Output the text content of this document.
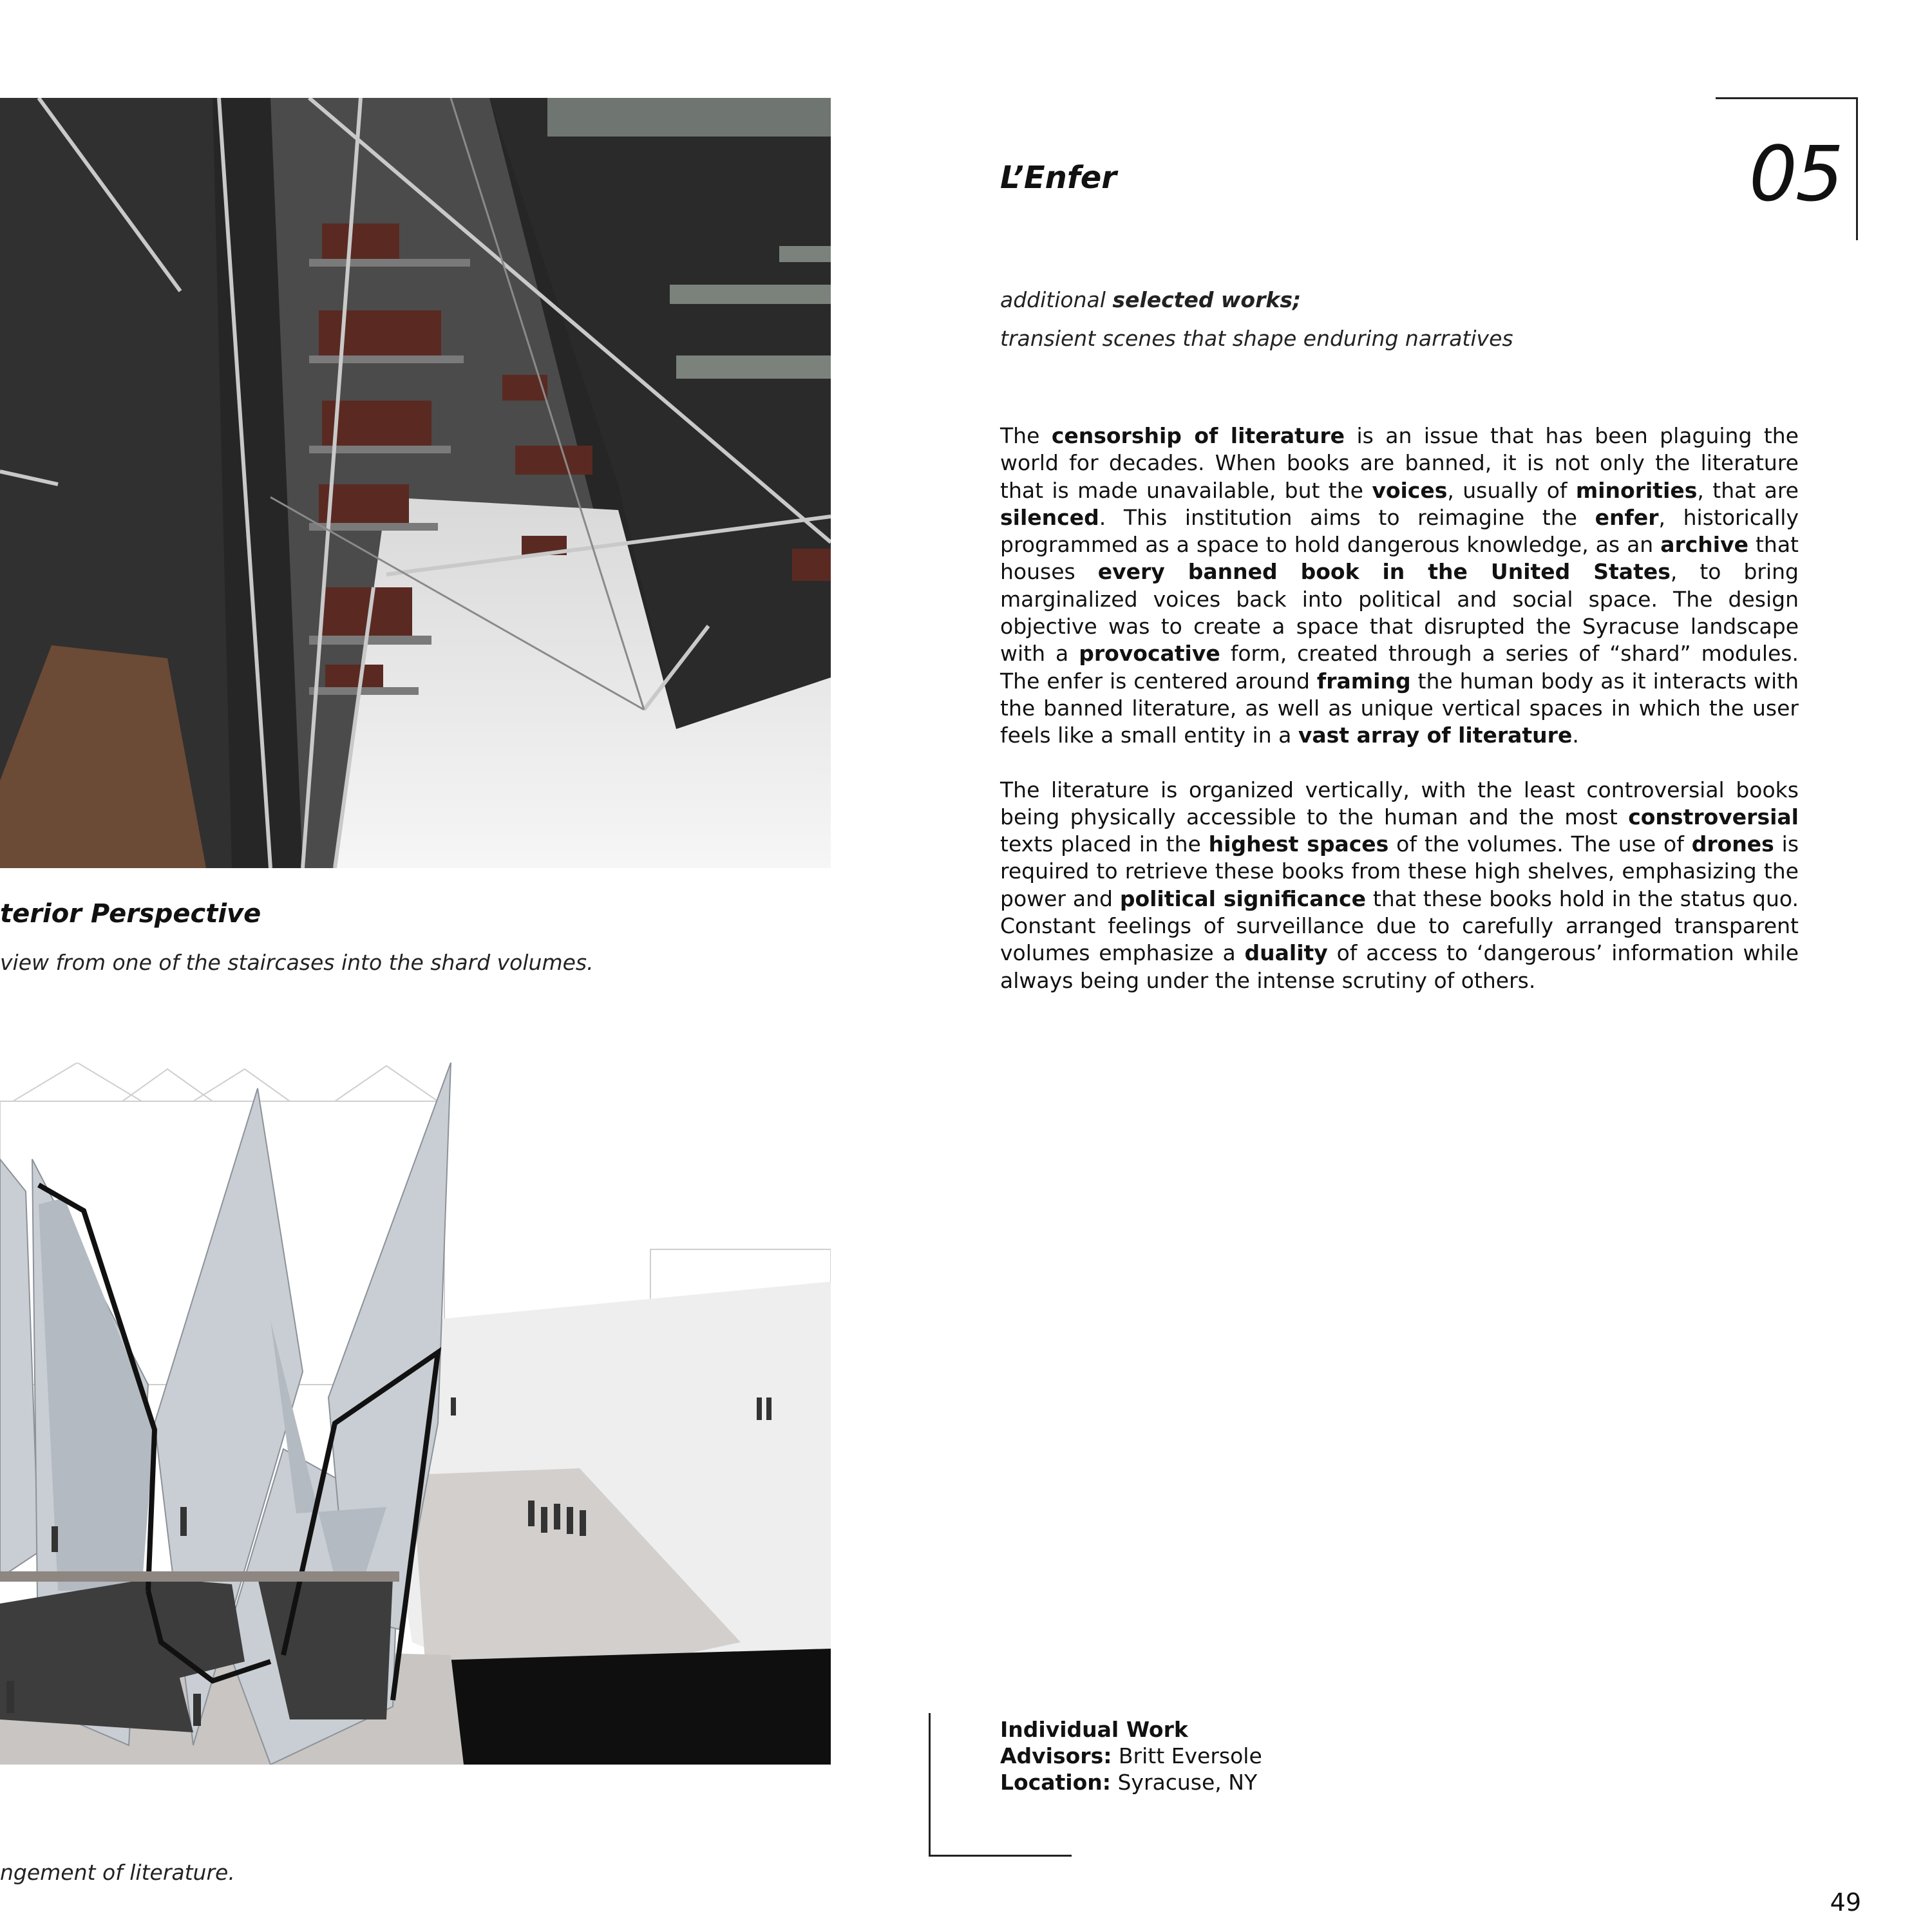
terior Perspective
view from one of the staircases into the shard volumes.
ngement of literature.
05
L’Enfer
additional selected works;
transient scenes that shape enduring narratives

The censorship of literature is an issue that has been plaguing the world for decades. When books are banned, it is not only the literature that is made unavailable, but the voices, usually of minorities, that are silenced. This institution aims to reimagine the enfer, historically programmed as a space to hold dangerous knowledge, as an archive that houses every banned book in the United States, to bring marginalized voices back into political and social space. The design objective was to create a space that disrupted the Syracuse landscape with a provocative form, created through a series of “shard” modules. The enfer is centered around framing the human body as it interacts with the banned literature, as well as unique vertical spaces in which the user feels like a small entity in a vast array of literature.

The literature is organized vertically, with the least controversial books being physically accessible to the human and the most constroversial texts placed in the highest spaces of the volumes. The use of drones is required to retrieve these books from these high shelves, emphasizing the power and political significance that these books hold in the status quo. Constant feelings of surveillance due to carefully arranged transparent volumes emphasize a duality of access to ‘dangerous’ information while always being under the intense scrutiny of others.

Individual Work
Advisors: Britt Eversole
Location: Syracuse, NY
49
